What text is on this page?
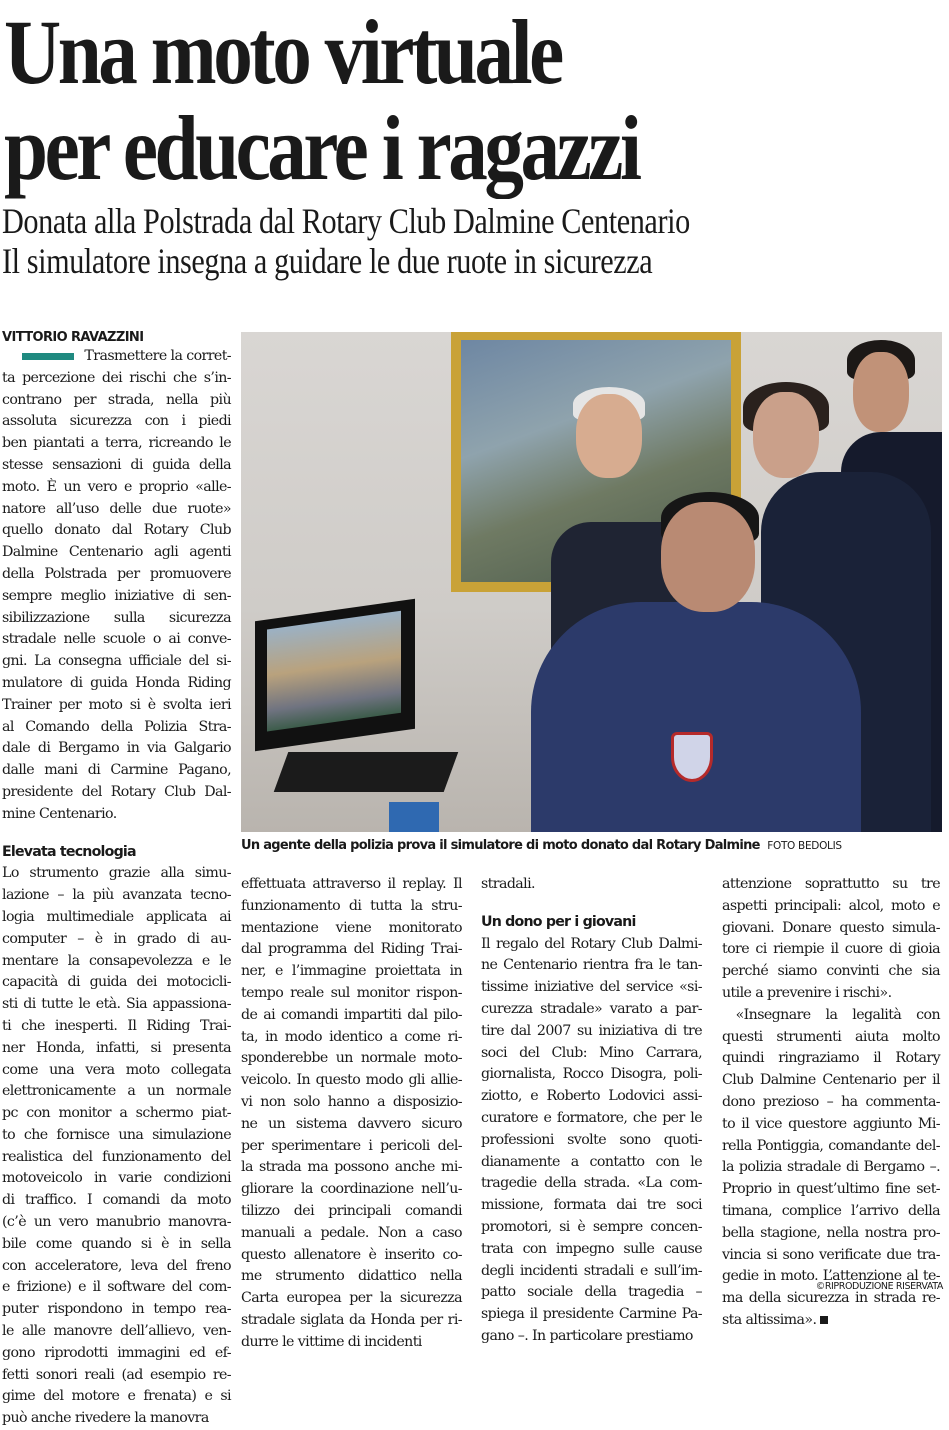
Una moto virtuale
per educare i ragazzi
Donata alla Polstrada dal Rotary Club Dalmine Centenario
Il simulatore insegna a guidare le due ruote in sicurezza
VITTORIO RAVAZZINI
Trasmettere la corret-
ta percezione dei rischi che s’in-
contrano per strada, nella più
assoluta sicurezza con i piedi
ben piantati a terra, ricreando le
stesse sensazioni di guida della
moto. È un vero e proprio «alle-
natore all’uso delle due ruote»
quello donato dal Rotary Club
Dalmine Centenario agli agenti
della Polstrada per promuovere
sempre meglio iniziative di sen-
sibilizzazione sulla sicurezza
stradale nelle scuole o ai conve-
gni. La consegna ufficiale del si-
mulatore di guida Honda Riding
Trainer per moto si è svolta ieri
al Comando della Polizia Stra-
dale di Bergamo in via Galgario
dalle mani di Carmine Pagano,
presidente del Rotary Club Dal-
mine Centenario.
Elevata tecnologia
Lo strumento grazie alla simu-
lazione – la più avanzata tecno-
logia multimediale applicata ai
computer – è in grado di au-
mentare la consapevolezza e le
capacità di guida dei motocicli-
sti di tutte le età. Sia appassiona-
ti che inesperti. Il Riding Trai-
ner Honda, infatti, si presenta
come una vera moto collegata
elettronicamente a un normale
pc con monitor a schermo piat-
to che fornisce una simulazione
realistica del funzionamento del
motoveicolo in varie condizioni
di traffico. I comandi da moto
(c’è un vero manubrio manovra-
bile come quando si è in sella
con acceleratore, leva del freno
e frizione) e il software del com-
puter rispondono in tempo rea-
le alle manovre dell’allievo, ven-
gono riprodotti immagini ed ef-
fetti sonori reali (ad esempio re-
gime del motore e frenata) e si
può anche rivedere la manovra
Un agente della polizia prova il simulatore di moto donato dal Rotary Dalmine FOTO BEDOLIS
effettuata attraverso il replay. Il
funzionamento di tutta la stru-
mentazione viene monitorato
dal programma del Riding Trai-
ner, e l’immagine proiettata in
tempo reale sul monitor rispon-
de ai comandi impartiti dal pilo-
ta, in modo identico a come ri-
sponderebbe un normale moto-
veicolo. In questo modo gli allie-
vi non solo hanno a disposizio-
ne un sistema davvero sicuro
per sperimentare i pericoli del-
la strada ma possono anche mi-
gliorare la coordinazione nell’u-
tilizzo dei principali comandi
manuali a pedale. Non a caso
questo allenatore è inserito co-
me strumento didattico nella
Carta europea per la sicurezza
stradale siglata da Honda per ri-
durre le vittime di incidenti
stradali.
Un dono per i giovani
Il regalo del Rotary Club Dalmi-
ne Centenario rientra fra le tan-
tissime iniziative del service «si-
curezza stradale» varato a par-
tire dal 2007 su iniziativa di tre
soci del Club: Mino Carrara,
giornalista, Rocco Disogra, poli-
ziotto, e Roberto Lodovici assi-
curatore e formatore, che per le
professioni svolte sono quoti-
dianamente a contatto con le
tragedie della strada. «La com-
missione, formata dai tre soci
promotori, si è sempre concen-
trata con impegno sulle cause
degli incidenti stradali e sull’im-
patto sociale della tragedia –
spiega il presidente Carmine Pa-
gano –. In particolare prestiamo
attenzione soprattutto su tre
aspetti principali: alcol, moto e
giovani. Donare questo simula-
tore ci riempie il cuore di gioia
perché siamo convinti che sia
utile a prevenire i rischi».
 «Insegnare la legalità con
questi strumenti aiuta molto
quindi ringraziamo il Rotary
Club Dalmine Centenario per il
dono prezioso – ha commenta-
to il vice questore aggiunto Mi-
rella Pontiggia, comandante del-
la polizia stradale di Bergamo –.
Proprio in quest’ultimo fine set-
timana, complice l’arrivo della
bella stagione, nella nostra pro-
vincia si sono verificate due tra-
gedie in moto. L’attenzione al te-
ma della sicurezza in strada re-
sta altissima».
©RIPRODUZIONE RISERVATA
